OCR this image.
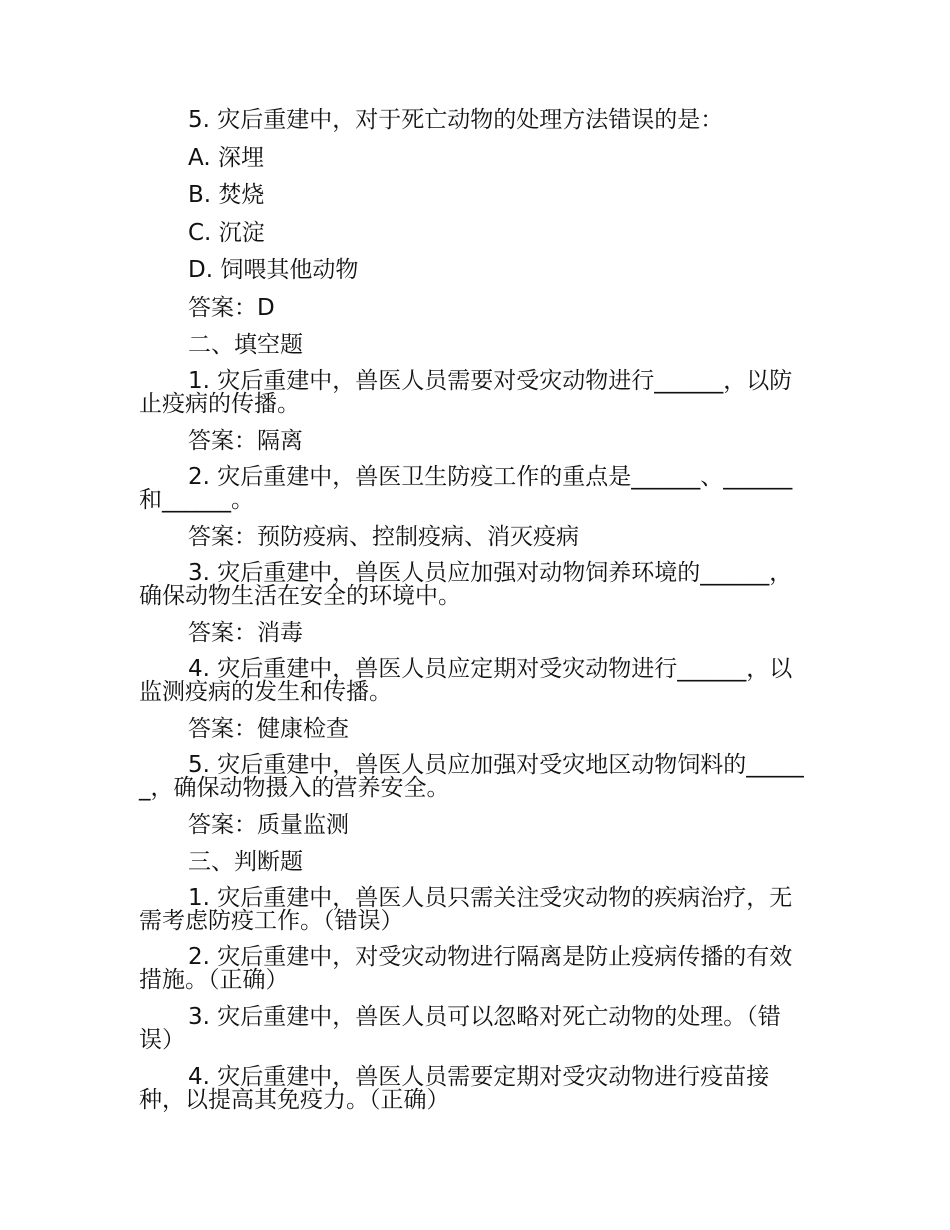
5. 灾后重建中，对于死亡动物的处理方法错误的是：

A. 深埋

B. 焚烧

C. 沉淀

D. 饲喂其他动物

答案：D

二、填空题

1. 灾后重建中，兽医人员需要对受灾动物进行______，以防止疫病的传播。

答案：隔离

2. 灾后重建中，兽医卫生防疫工作的重点是______、______和______。

答案：预防疫病、控制疫病、消灭疫病

3. 灾后重建中，兽医人员应加强对动物饲养环境的______，确保动物生活在安全的环境中。

答案：消毒

4. 灾后重建中，兽医人员应定期对受灾动物进行______，以监测疫病的发生和传播。

答案：健康检查

5. 灾后重建中，兽医人员应加强对受灾地区动物饲料的______，确保动物摄入的营养安全。

答案：质量监测

三、判断题

1. 灾后重建中，兽医人员只需关注受灾动物的疾病治疗，无需考虑防疫工作。（错误）

2. 灾后重建中，对受灾动物进行隔离是防止疫病传播的有效措施。（正确）

3. 灾后重建中，兽医人员可以忽略对死亡动物的处理。（错误）

4. 灾后重建中，兽医人员需要定期对受灾动物进行疫苗接种，以提高其免疫力。（正确）
